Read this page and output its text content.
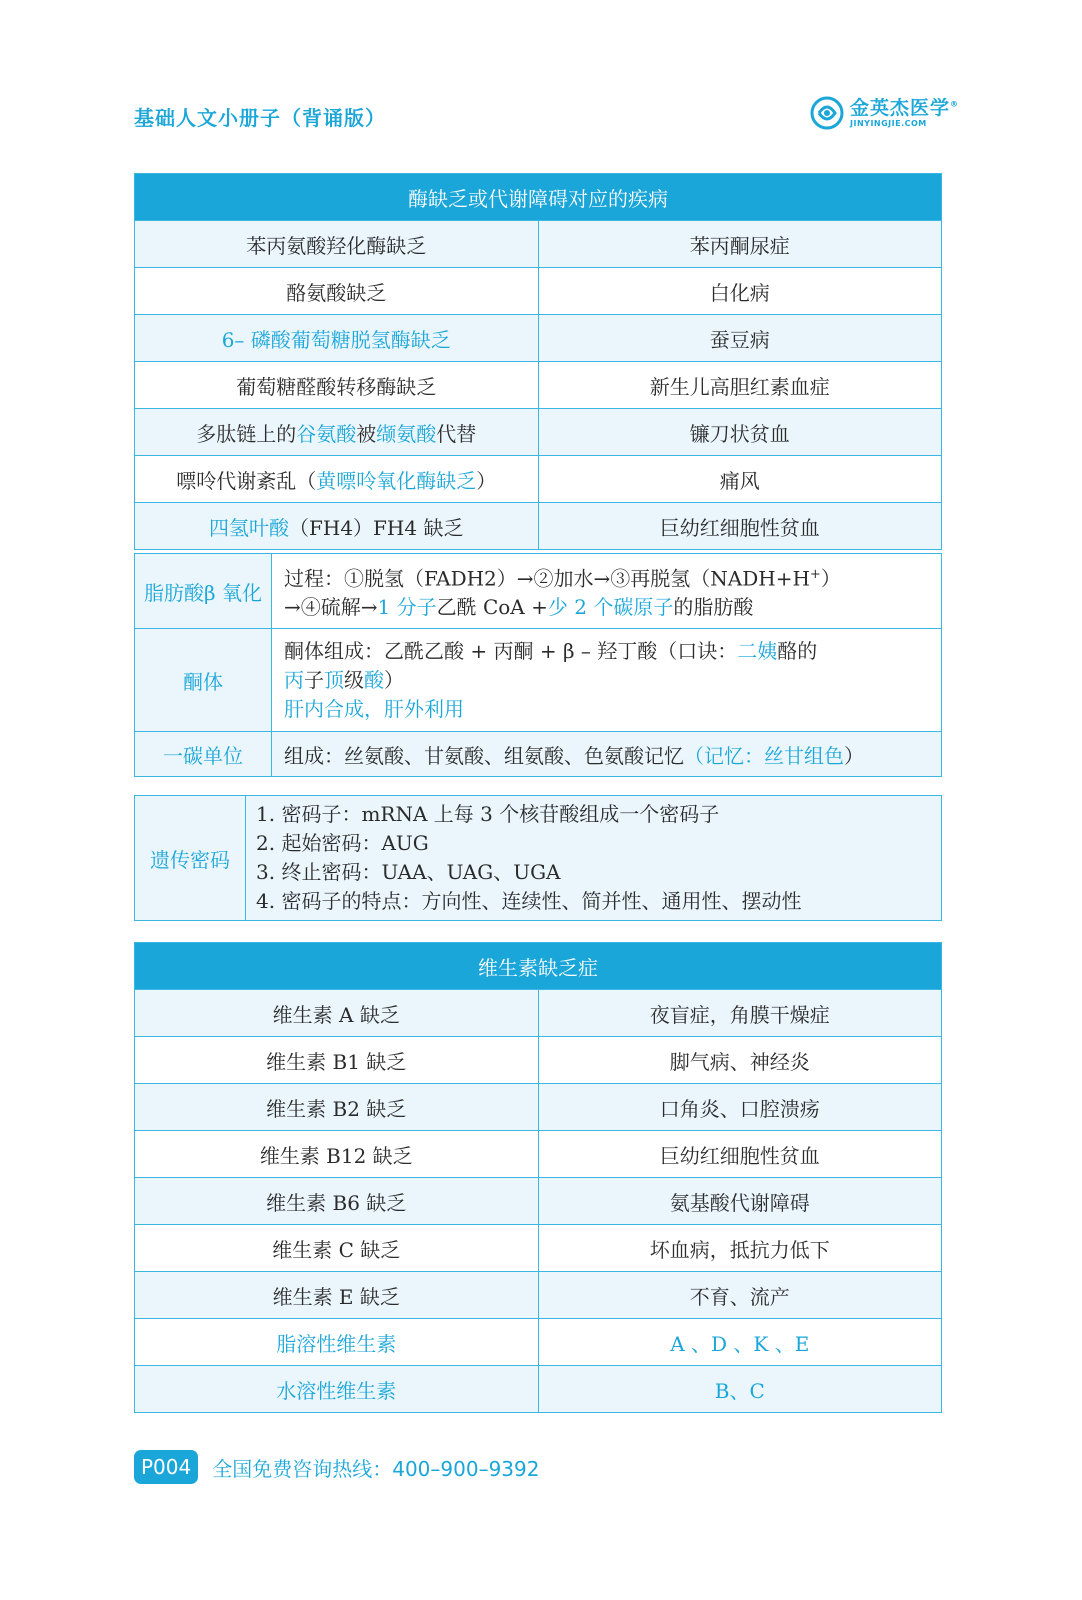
基础人文小册子（背诵版）	金英杰医学®
JINYINGJIE.COM
酶缺乏或代谢障碍对应的疾病	
苯丙氨酸羟化酶缺乏	苯丙酮尿症
酪氨酸缺乏	白化病
6– 磷酸葡萄糖脱氢酶缺乏	蚕豆病
葡萄糖醛酸转移酶缺乏	新生儿高胆红素血症
多肽链上的谷氨酸被缬氨酸代替	镰刀状贫血
嘌呤代谢紊乱（黄嘌呤氧化酶缺乏）	痛风
四氢叶酸（FH4）FH4 缺乏	巨幼红细胞性贫血
脂肪酸β 氧化	过程：①脱氢（FADH2）→②加水→③再脱氢（NADH+H+）
→④硫解→1 分子乙酰 CoA +少 2 个碳原子的脂肪酸

酮体	酮体组成：乙酰乙酸 + 丙酮 + β – 羟丁酸（口诀：二姨酪的
丙子顶级酸）
肝内合成，肝外利用

一碳单位	组成：丝氨酸、甘氨酸、组氨酸、色氨酸记忆（记忆：丝甘组色）
遗传密码	
1. 密码子：mRNA 上每 3 个核苷酸组成一个密码子
2. 起始密码：AUG
3. 终止密码：UAA、UAG、UGA
4. 密码子的特点：方向性、连续性、简并性、通用性、摆动性
维生素缺乏症	
维生素 A 缺乏	夜盲症，角膜干燥症
维生素 B1 缺乏	脚气病、神经炎
维生素 B2 缺乏	口角炎、口腔溃疡
维生素 B12 缺乏	巨幼红细胞性贫血
维生素 B6 缺乏	氨基酸代谢障碍
维生素 C 缺乏	坏血病，抵抗力低下
维生素 E 缺乏	不育、流产
脂溶性维生素	A 、D 、K 、E
水溶性维生素	B、C
P004	全国免费咨询热线：400–900–9392
